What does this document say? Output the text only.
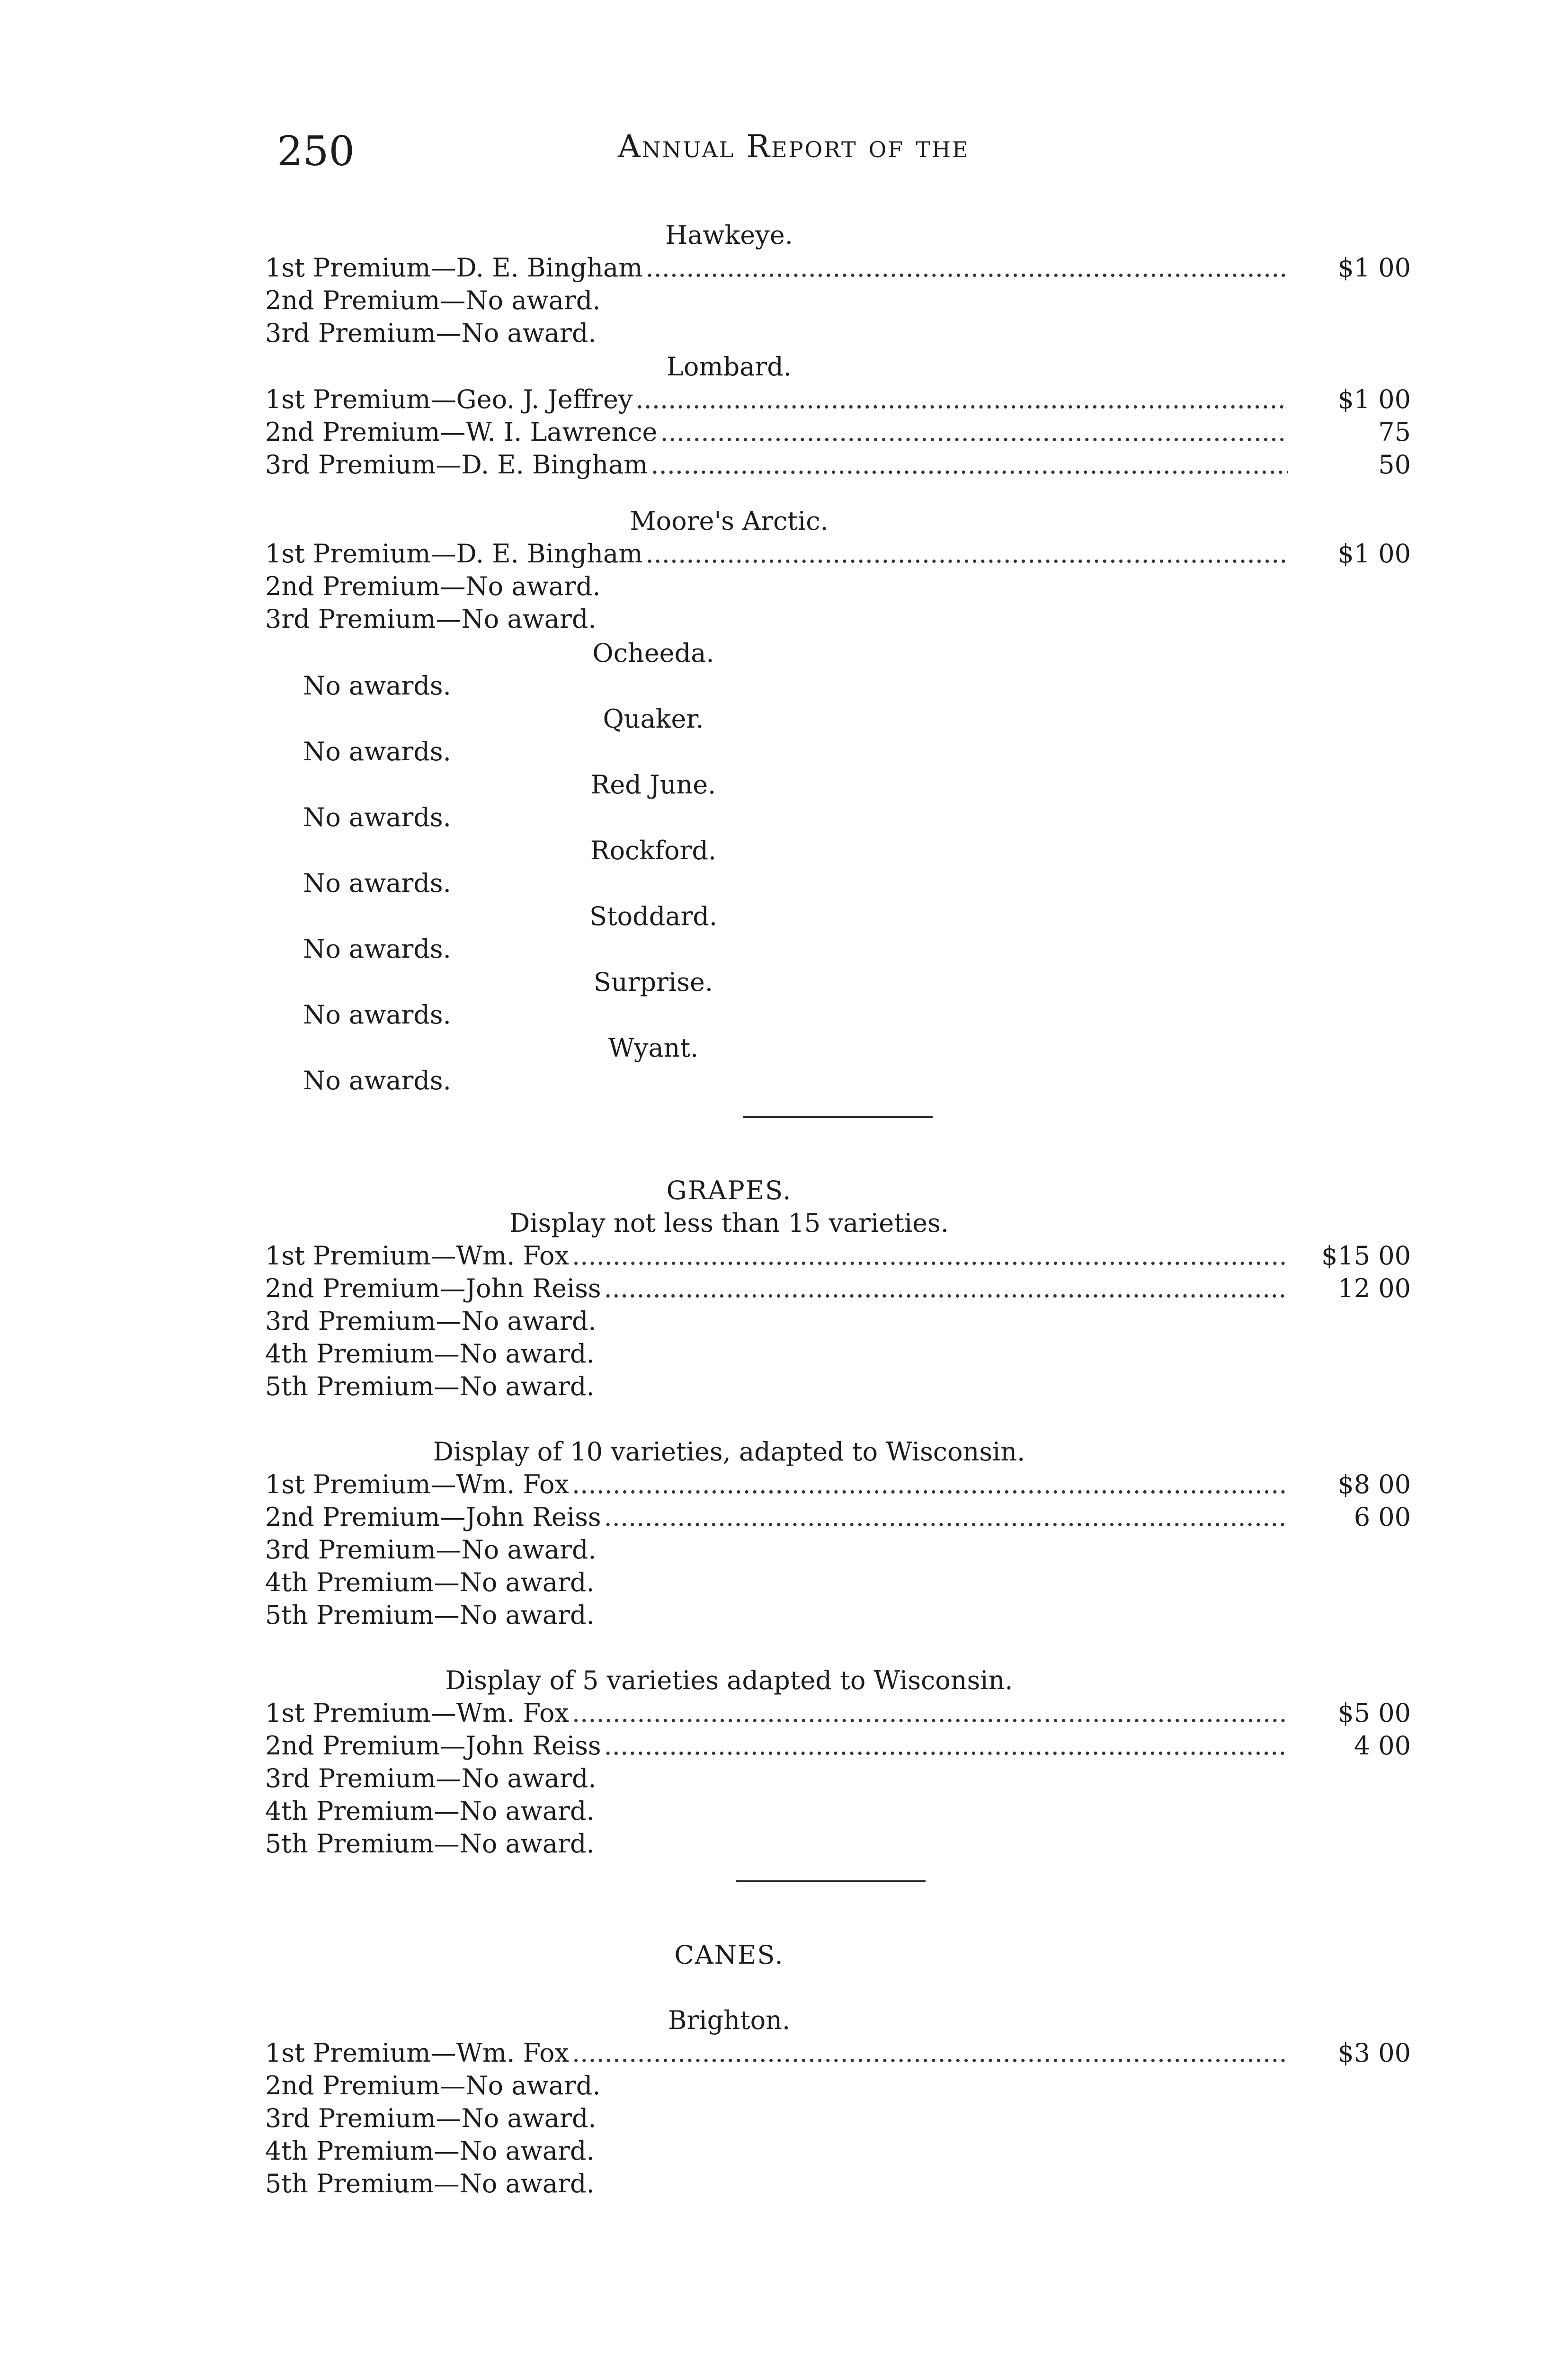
250	Annual Report of the
Hawkeye.
1st Premium—D. E. Bingham .....	$1 00
2nd Premium—No award.
3rd Premium—No award.
Lombard.
1st Premium—Geo. J. Jeffrey .....	$1 00
2nd Premium—W. I. Lawrence .....	75
3rd Premium—D. E. Bingham .....	50
Moore's Arctic.
1st Premium—D. E. Bingham .....	$1 00
2nd Premium—No award.
3rd Premium—No award.
Ocheeda.
No awards.
Quaker.
No awards.
Red June.
No awards.
Rockford.
No awards.
Stoddard.
No awards.
Surprise.
No awards.
Wyant.
No awards.
GRAPES.
Display not less than 15 varieties.
1st Premium—Wm. Fox .....	$15 00
2nd Premium—John Reiss .....	12 00
3rd Premium—No award.
4th Premium—No award.
5th Premium—No award.
Display of 10 varieties, adapted to Wisconsin.
1st Premium—Wm. Fox .....	$8 00
2nd Premium—John Reiss .....	6 00
3rd Premium—No award.
4th Premium—No award.
5th Premium—No award.
Display of 5 varieties adapted to Wisconsin.
1st Premium—Wm. Fox .....	$5 00
2nd Premium—John Reiss .....	4 00
3rd Premium—No award.
4th Premium—No award.
5th Premium—No award.
CANES.
Brighton.
1st Premium—Wm. Fox .....	$3 00
2nd Premium—No award.
3rd Premium—No award.
4th Premium—No award.
5th Premium—No award.
